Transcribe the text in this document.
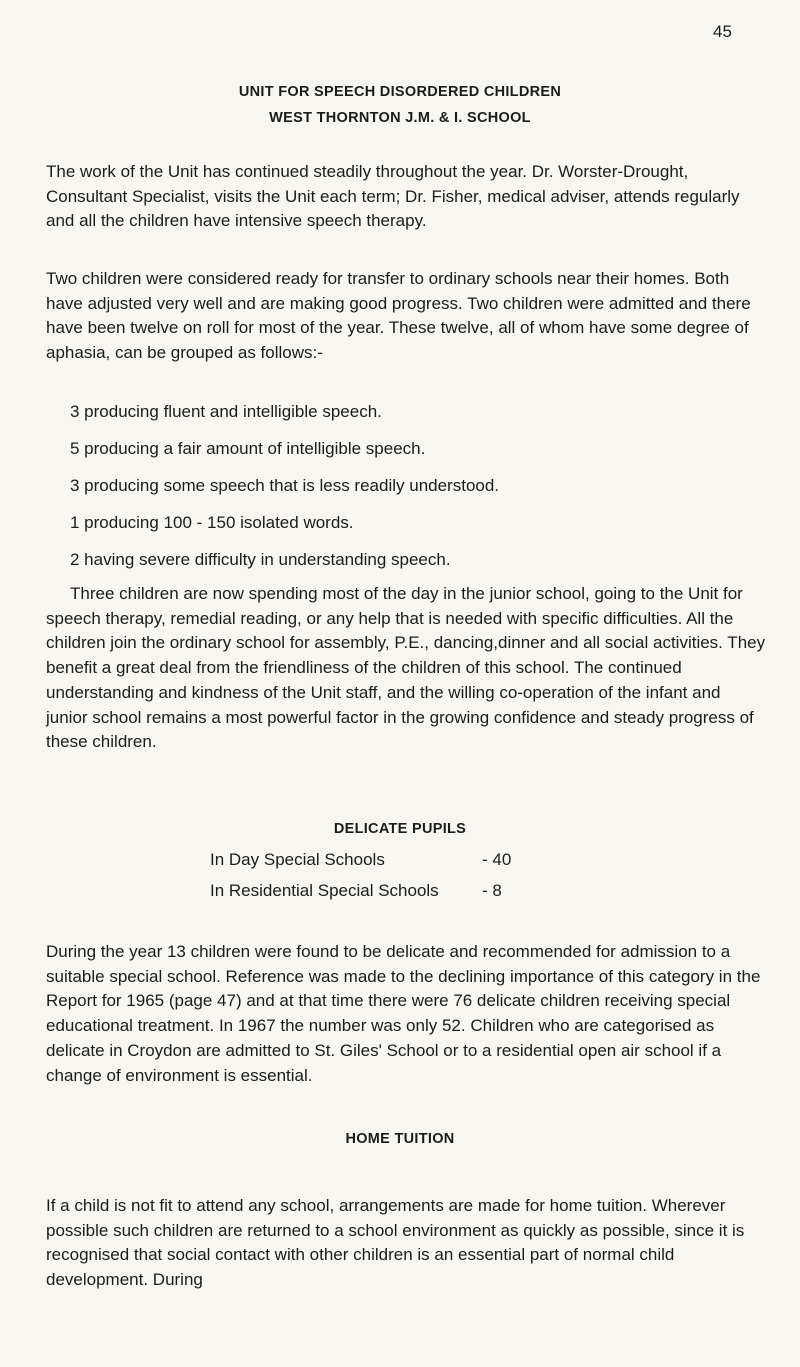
45
UNIT FOR SPEECH DISORDERED CHILDREN
WEST THORNTON J.M. & I. SCHOOL
The work of the Unit has continued steadily throughout the year. Dr. Worster-Drought, Consultant Specialist, visits the Unit each term; Dr. Fisher, medical adviser, attends regularly and all the children have intensive speech therapy.
Two children were considered ready for transfer to ordinary schools near their homes. Both have adjusted very well and are making good progress. Two children were admitted and there have been twelve on roll for most of the year. These twelve, all of whom have some degree of aphasia, can be grouped as follows:-
3 producing fluent and intelligible speech.
5 producing a fair amount of intelligible speech.
3 producing some speech that is less readily understood.
1 producing 100 - 150 isolated words.
2 having severe difficulty in understanding speech.
Three children are now spending most of the day in the junior school, going to the Unit for speech therapy, remedial reading, or any help that is needed with specific difficulties. All the children join the ordinary school for assembly, P.E., dancing,dinner and all social activities. They benefit a great deal from the friendliness of the children of this school. The continued understanding and kindness of the Unit staff, and the willing co-operation of the infant and junior school remains a most powerful factor in the growing confidence and steady progress of these children.
DELICATE PUPILS
In Day Special Schools	- 40
In Residential Special Schools	- 8
During the year 13 children were found to be delicate and recommended for admission to a suitable special school. Reference was made to the declining importance of this category in the Report for 1965 (page 47) and at that time there were 76 delicate children receiving special educational treatment. In 1967 the number was only 52. Children who are categorised as delicate in Croydon are admitted to St. Giles' School or to a residential open air school if a change of environment is essential.
HOME TUITION
If a child is not fit to attend any school, arrangements are made for home tuition. Wherever possible such children are returned to a school environment as quickly as possible, since it is recognised that social contact with other children is an essential part of normal child development. During
